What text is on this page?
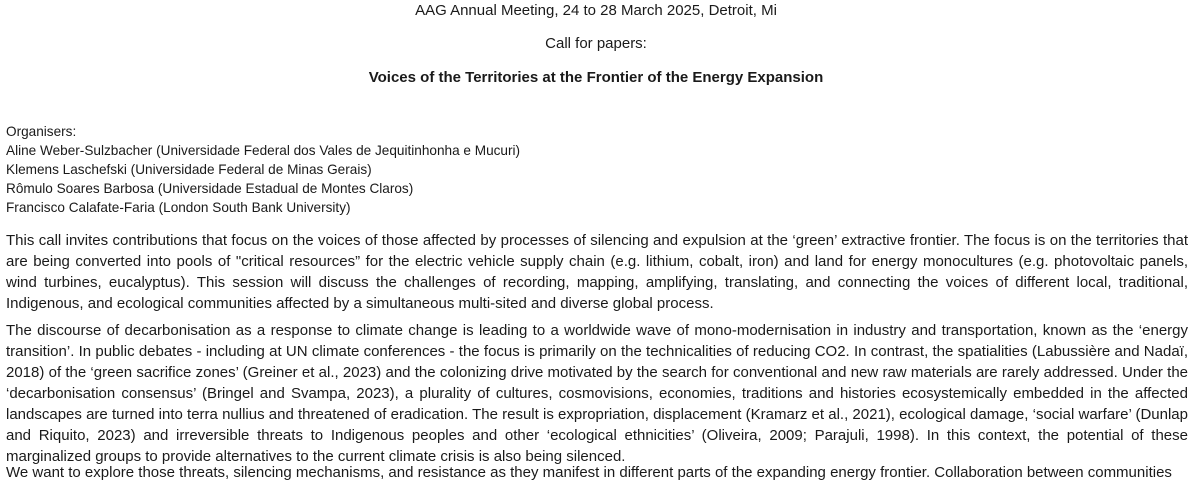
AAG Annual Meeting, 24 to 28 March 2025, Detroit, Mi
Call for papers:
Voices of the Territories at the Frontier of the Energy Expansion
Organisers:
Aline Weber-Sulzbacher (Universidade Federal dos Vales de Jequitinhonha e Mucuri)
Klemens Laschefski (Universidade Federal de Minas Gerais)
Rômulo Soares Barbosa (Universidade Estadual de Montes Claros)
Francisco Calafate-Faria (London South Bank University)

This call invites contributions that focus on the voices of those affected by processes of silencing and expulsion at the ‘green’ extractive frontier. The focus is on the territories that are being converted into pools of "critical resources” for the electric vehicle supply chain (e.g. lithium, cobalt, iron) and land for energy monocultures (e.g. photovoltaic panels, wind turbines, eucalyptus). This session will discuss the challenges of recording, mapping, amplifying, translating, and connecting the voices of different local, traditional, Indigenous, and ecological communities affected by a simultaneous multi-sited and diverse global process.

The discourse of decarbonisation as a response to climate change is leading to a worldwide wave of mono-modernisation in industry and transportation, known as the ‘energy transition’. In public debates - including at UN climate conferences - the focus is primarily on the technicalities of reducing CO2. In contrast, the spatialities (Labussière and Nadaï, 2018) of the ‘green sacrifice zones’ (Greiner et al., 2023) and the colonizing drive motivated by the search for conventional and new raw materials are rarely addressed. Under the ‘decarbonisation consensus’ (Bringel and Svampa, 2023), a plurality of cultures, cosmovisions, economies, traditions and histories ecosystemically embedded in the affected landscapes are turned into terra nullius and threatened of eradication. The result is expropriation, displacement (Kramarz et al., 2021), ecological damage, ‘social warfare’ (Dunlap and Riquito, 2023) and irreversible threats to Indigenous peoples and other ‘ecological ethnicities’ (Oliveira, 2009; Parajuli, 1998). In this context, the potential of these marginalized groups to provide alternatives to the current climate crisis is also being silenced.

We want to explore those threats, silencing mechanisms, and resistance as they manifest in different parts of the expanding energy frontier. Collaboration between communities
